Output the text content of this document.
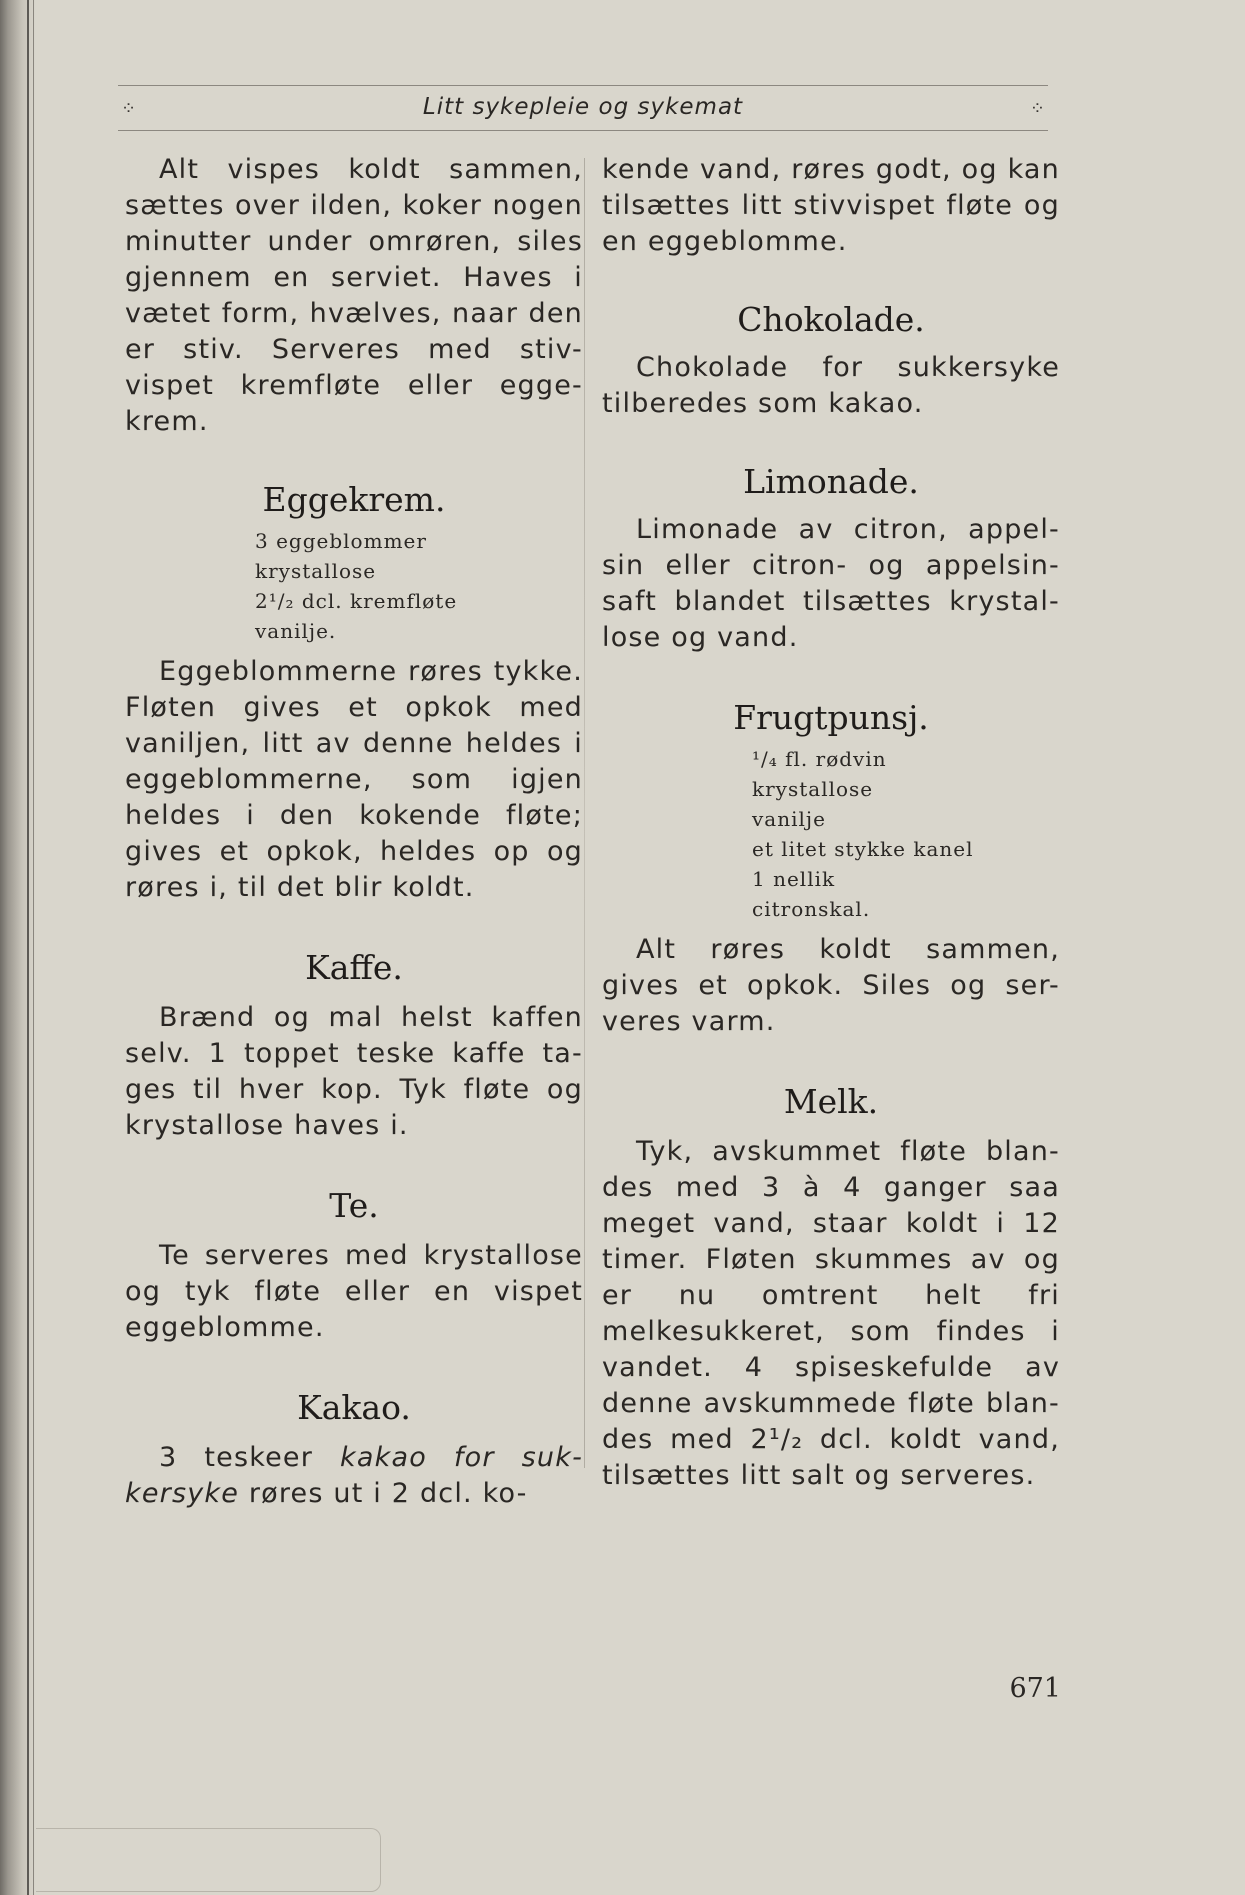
⁘	Litt sykepleie og sykemat	⁘

Alt vispes koldt sammen, sættes over ilden, koker nogen minutter under omrøren, siles gjennem en serviet. Haves i vætet form, hvælves, naar den er stiv. Serveres med stiv- vispet kremfløte eller egge- krem.

Eggekrem.
3 eggeblommer
krystallose
2¹/₂ dcl. kremfløte
vanilje.

Eggeblommerne røres tykke. Fløten gives et opkok med vaniljen, litt av denne heldes i eggeblommerne, som igjen heldes i den kokende fløte; gives et opkok, heldes op og røres i, til det blir koldt.

Kaffe.

Brænd og mal helst kaffen selv. 1 toppet teske kaffe ta- ges til hver kop. Tyk fløte og krystallose haves i.

Te.

Te serveres med krystallose og tyk fløte eller en vispet eggeblomme.

Kakao.

3 teskeer kakao for suk- kersyke røres ut i 2 dcl. ko-

kende vand, røres godt, og kan tilsættes litt stivvispet fløte og en eggeblomme.

Chokolade.

Chokolade for sukkersyke tilberedes som kakao.

Limonade.

Limonade av citron, appel- sin eller citron- og appelsin- saft blandet tilsættes krystal- lose og vand.

Frugtpunsj.
¹/₄ fl. rødvin
krystallose
vanilje
et litet stykke kanel
1 nellik
citronskal.

Alt røres koldt sammen, gives et opkok. Siles og ser- veres varm.

Melk.

Tyk, avskummet fløte blan- des med 3 à 4 ganger saa meget vand, staar koldt i 12 timer. Fløten skummes av og er nu omtrent helt fri melkesukkeret, som findes i vandet. 4 spiseskefulde av denne avskummede fløte blan- des med 2¹/₂ dcl. koldt vand, tilsættes litt salt og serveres.

671
